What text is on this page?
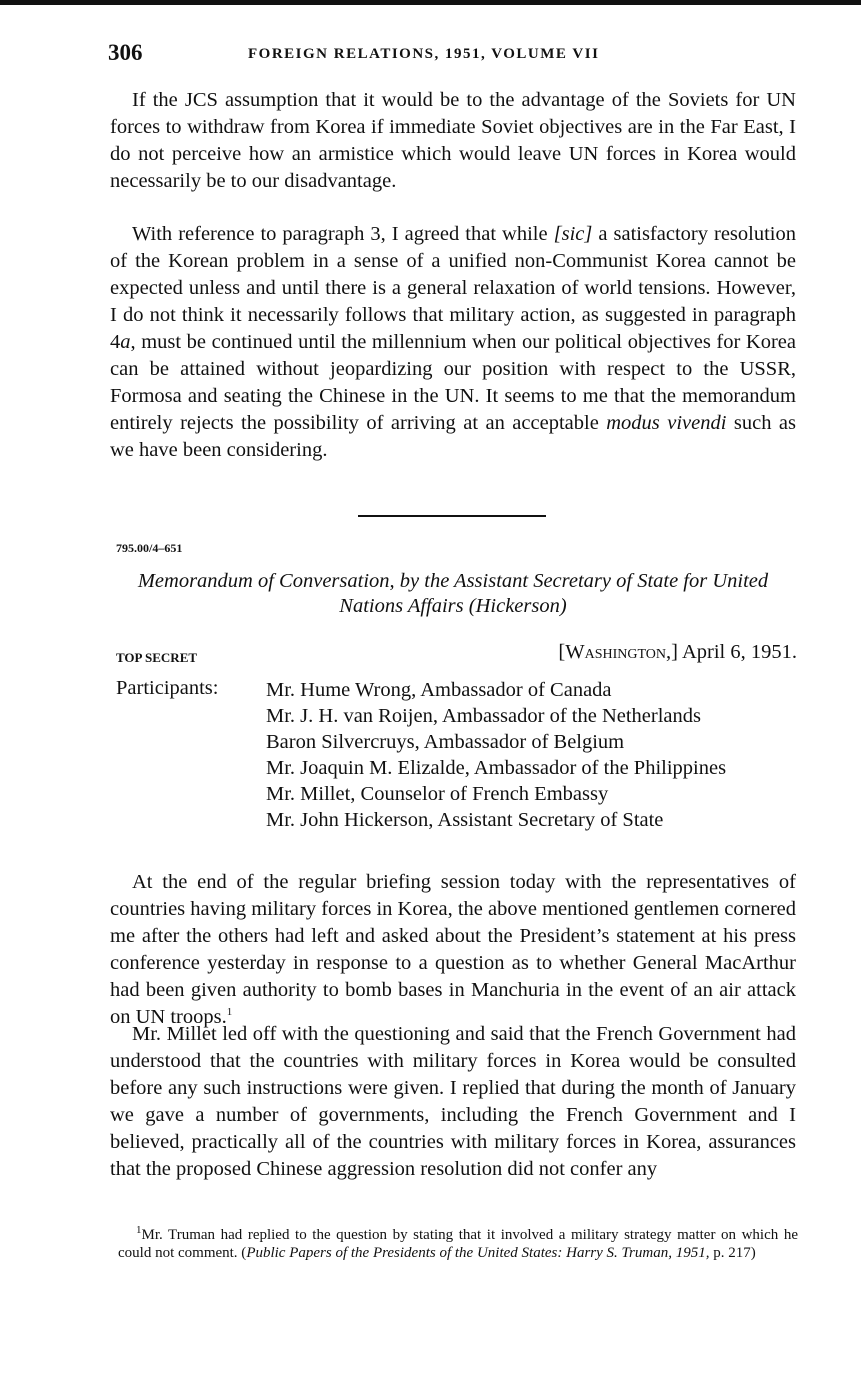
306	FOREIGN RELATIONS, 1951, VOLUME VII

If the JCS assumption that it would be to the advantage of the Soviets for UN forces to withdraw from Korea if immediate Soviet objectives are in the Far East, I do not perceive how an armistice which would leave UN forces in Korea would necessarily be to our disadvantage.

With reference to paragraph 3, I agreed that while [sic] a satisfactory resolution of the Korean problem in a sense of a unified non-Communist Korea cannot be expected unless and until there is a general relaxation of world tensions. However, I do not think it necessarily follows that military action, as suggested in paragraph 4a, must be continued until the millennium when our political objectives for Korea can be attained without jeopardizing our position with respect to the USSR, Formosa and seating the Chinese in the UN. It seems to me that the memorandum entirely rejects the possibility of arriving at an acceptable modus vivendi such as we have been considering.

795.00/4–651
Memorandum of Conversation, by the Assistant Secretary of State for United Nations Affairs (Hickerson)
TOP SECRET	[Washington,] April 6, 1951.
Participants: Mr. Hume Wrong, Ambassador of Canada

Mr. J. H. van Roijen, Ambassador of the Netherlands

Baron Silvercruys, Ambassador of Belgium

Mr. Joaquin M. Elizalde, Ambassador of the Philippines

Mr. Millet, Counselor of French Embassy

Mr. John Hickerson, Assistant Secretary of State

At the end of the regular briefing session today with the representatives of countries having military forces in Korea, the above mentioned gentlemen cornered me after the others had left and asked about the President’s statement at his press conference yesterday in response to a question as to whether General MacArthur had been given authority to bomb bases in Manchuria in the event of an air attack on UN troops.$^1$

Mr. Millet led off with the questioning and said that the French Government had understood that the countries with military forces in Korea would be consulted before any such instructions were given. I replied that during the month of January we gave a number of governments, including the French Government and I believed, practically all of the countries with military forces in Korea, assurances that the proposed Chinese aggression resolution did not confer any

$^1$Mr. Truman had replied to the question by stating that it involved a military strategy matter on which he could not comment. (Public Papers of the Presidents of the United States: Harry S. Truman, 1951, p. 217)
